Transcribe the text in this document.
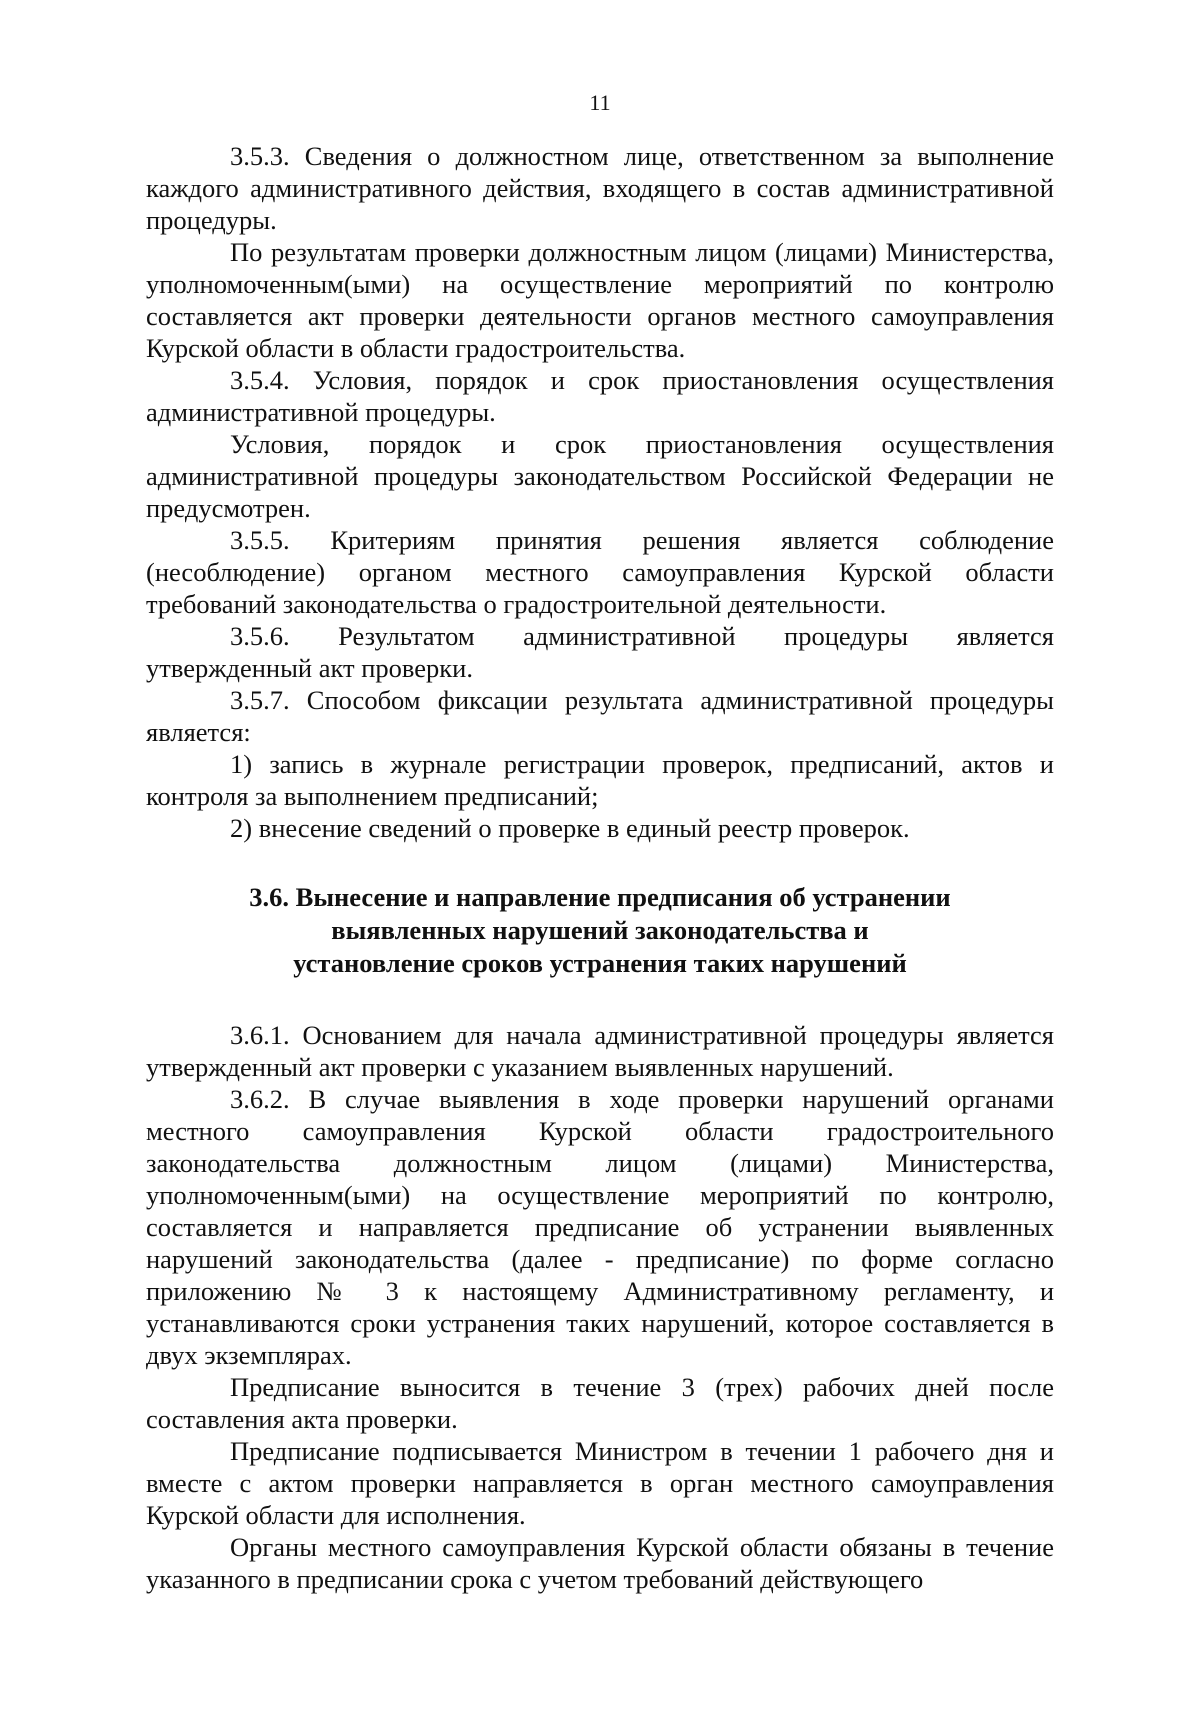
11

3.5.3. Сведения о должностном лице, ответственном за выполнение каждого административного действия, входящего в состав административной процедуры.

По результатам проверки должностным лицом (лицами) Министерства, уполномоченным(ыми) на осуществление мероприятий по контролю составляется акт проверки деятельности органов местного самоуправления Курской области в области градостроительства.

3.5.4. Условия, порядок и срок приостановления осуществления административной процедуры.

Условия, порядок и срок приостановления осуществления административной процедуры законодательством Российской Федерации не предусмотрен.

3.5.5. Критериям принятия решения является соблюдение (несоблюдение) органом местного самоуправления Курской области требований законодательства о градостроительной деятельности.

3.5.6. Результатом административной процедуры является утвержденный акт проверки.

3.5.7. Способом фиксации результата административной процедуры является:

1) запись в журнале регистрации проверок, предписаний, актов и контроля за выполнением предписаний;

2) внесение сведений о проверке в единый реестр проверок.

3.6. Вынесение и направление предписания об устранении
выявленных нарушений законодательства и
установление сроков устранения таких нарушений

3.6.1. Основанием для начала административной процедуры является утвержденный акт проверки с указанием выявленных нарушений.

3.6.2. В случае выявления в ходе проверки нарушений органами местного самоуправления Курской области градостроительного законодательства должностным лицом (лицами) Министерства, уполномоченным(ыми) на осуществление мероприятий по контролю, составляется и направляется предписание об устранении выявленных нарушений законодательства (далее - предписание) по форме согласно приложению № 3 к настоящему Административному регламенту, и устанавливаются сроки устранения таких нарушений, которое составляется в двух экземплярах.

Предписание выносится в течение 3 (трех) рабочих дней после составления акта проверки.

Предписание подписывается Министром в течении 1 рабочего дня и вместе с актом проверки направляется в орган местного самоуправления Курской области для исполнения.

Органы местного самоуправления Курской области обязаны в течение указанного в предписании срока с учетом требований действующего
